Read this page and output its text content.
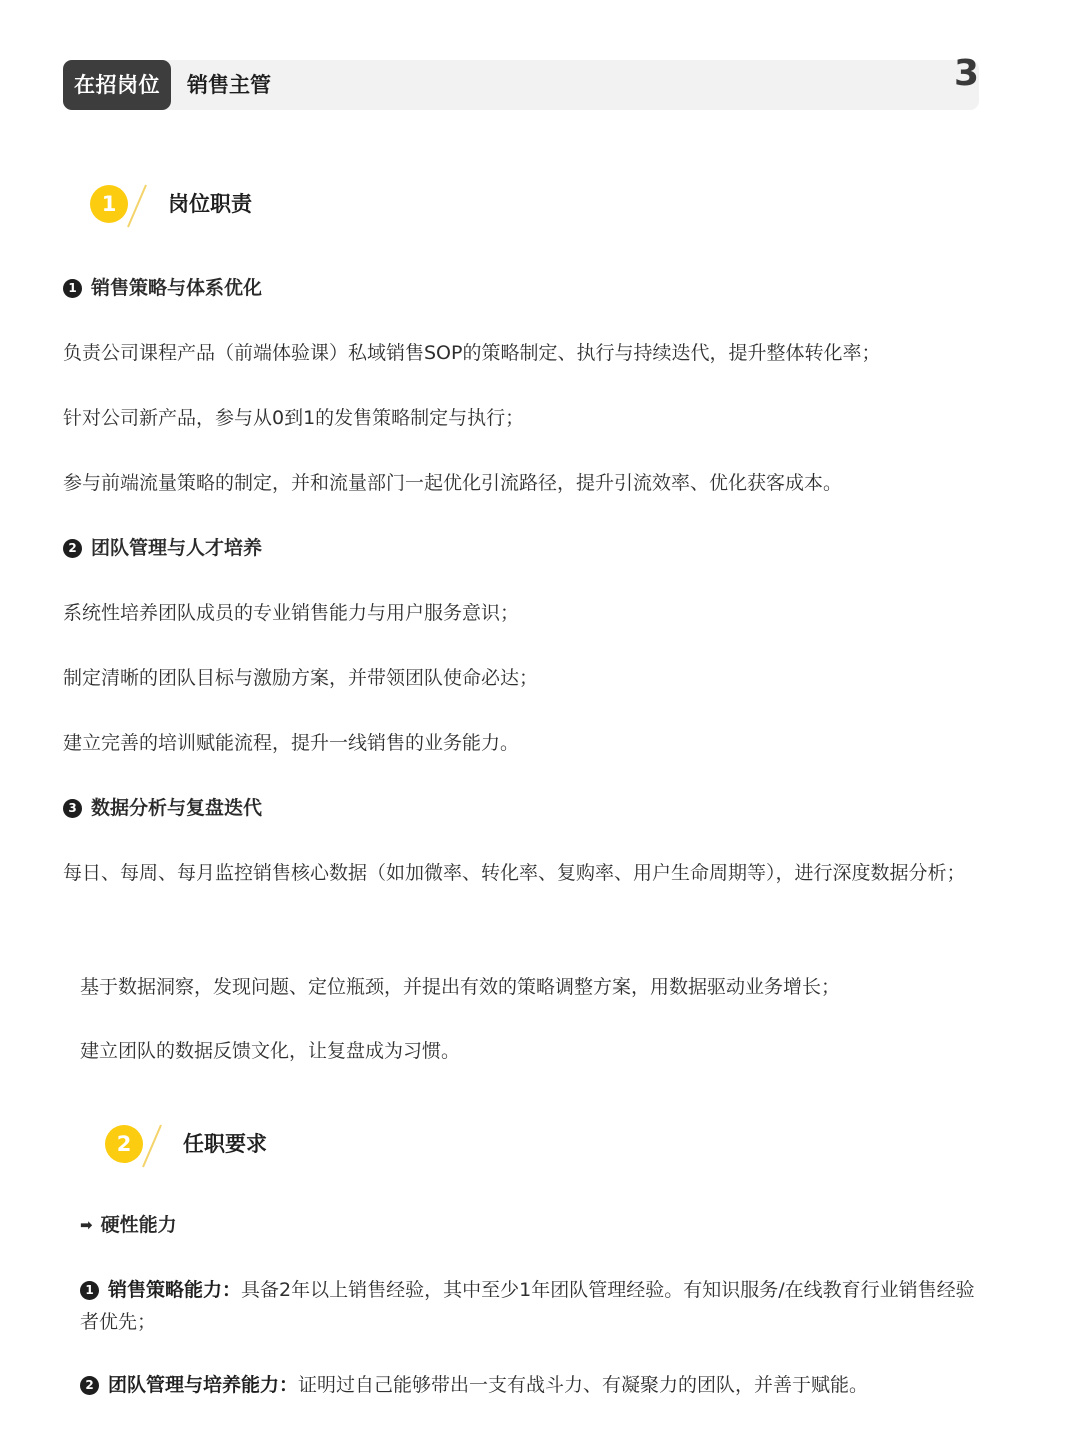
在招岗位	销售主管	3
1	岗位职责
1 销售策略与体系优化
负责公司课程产品（前端体验课）私域销售SOP的策略制定、执行与持续迭代，提升整体转化率；
针对公司新产品，参与从0到1的发售策略制定与执行；
参与前端流量策略的制定，并和流量部门一起优化引流路径，提升引流效率、优化获客成本。
2 团队管理与人才培养
系统性培养团队成员的专业销售能力与用户服务意识；
制定清晰的团队目标与激励方案，并带领团队使命必达；
建立完善的培训赋能流程，提升一线销售的业务能力。
3 数据分析与复盘迭代
每日、每周、每月监控销售核心数据（如加微率、转化率、复购率、用户生命周期等），进行深度数据分析；
基于数据洞察，发现问题、定位瓶颈，并提出有效的策略调整方案，用数据驱动业务增长；
建立团队的数据反馈文化，让复盘成为习惯。
2	任职要求
➡ 硬性能力
1 销售策略能力：具备2年以上销售经验，其中至少1年团队管理经验。有知识服务/在线教育行业销售经验者优先；
2 团队管理与培养能力：证明过自己能够带出一支有战斗力、有凝聚力的团队，并善于赋能。
